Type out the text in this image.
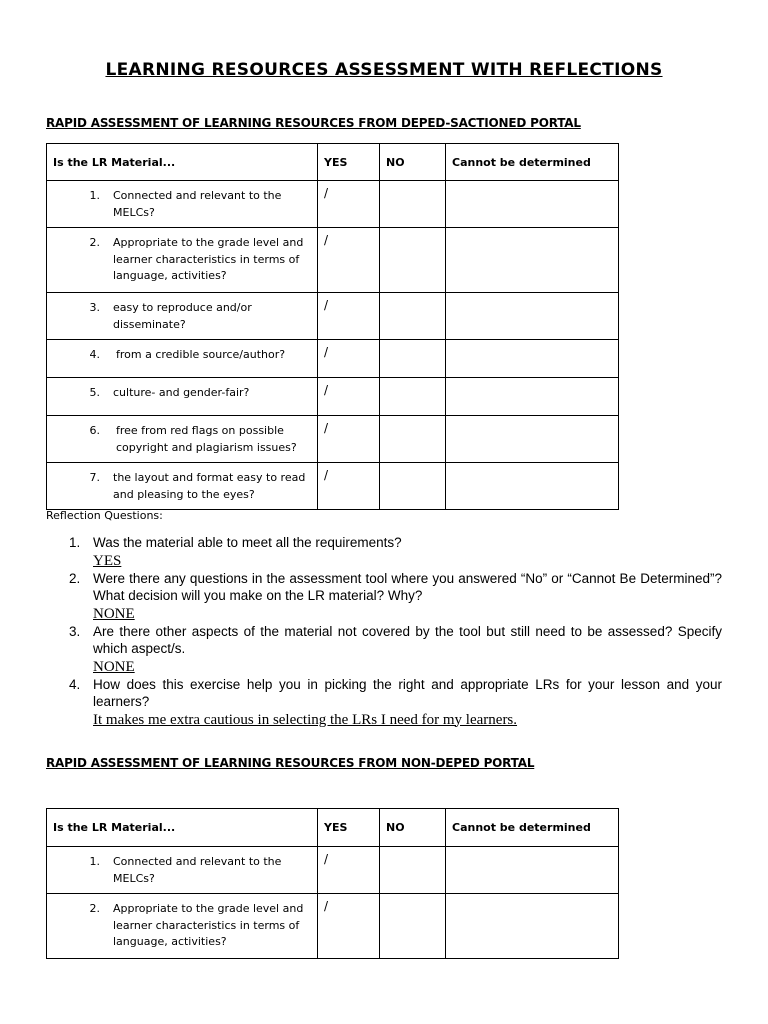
LEARNING RESOURCES ASSESSMENT WITH REFLECTIONS
RAPID ASSESSMENT OF LEARNING RESOURCES FROM DEPED-SACTIONED PORTAL
Is the LR Material...	YES	NO	Cannot be determined

1. Connected and relevant to the MELCs?	/		

2. Appropriate to the grade level and learner characteristics in terms of language, activities?	/		

3. easy to reproduce and/or disseminate?	/		

4. from a credible source/author?	/		

5. culture- and gender-fair?	/		

6. free from red flags on possible copyright and plagiarism issues?	/		

7. the layout and format easy to read and pleasing to the eyes?	/		

Reflection Questions:

1. Was the material able to meet all the requirements?
YES
2. Were there any questions in the assessment tool where you answered “No” or “Cannot Be Determined”? What decision will you make on the LR material? Why?
NONE
3. Are there other aspects of the material not covered by the tool but still need to be assessed? Specify which aspect/s.
NONE
4. How does this exercise help you in picking the right and appropriate LRs for your lesson and your learners?
It makes me extra cautious in selecting the LRs I need for my learners.
RAPID ASSESSMENT OF LEARNING RESOURCES FROM NON-DEPED PORTAL
Is the LR Material...	YES	NO	Cannot be determined

1. Connected and relevant to the MELCs?	/		

2. Appropriate to the grade level and learner characteristics in terms of language, activities?	/		
